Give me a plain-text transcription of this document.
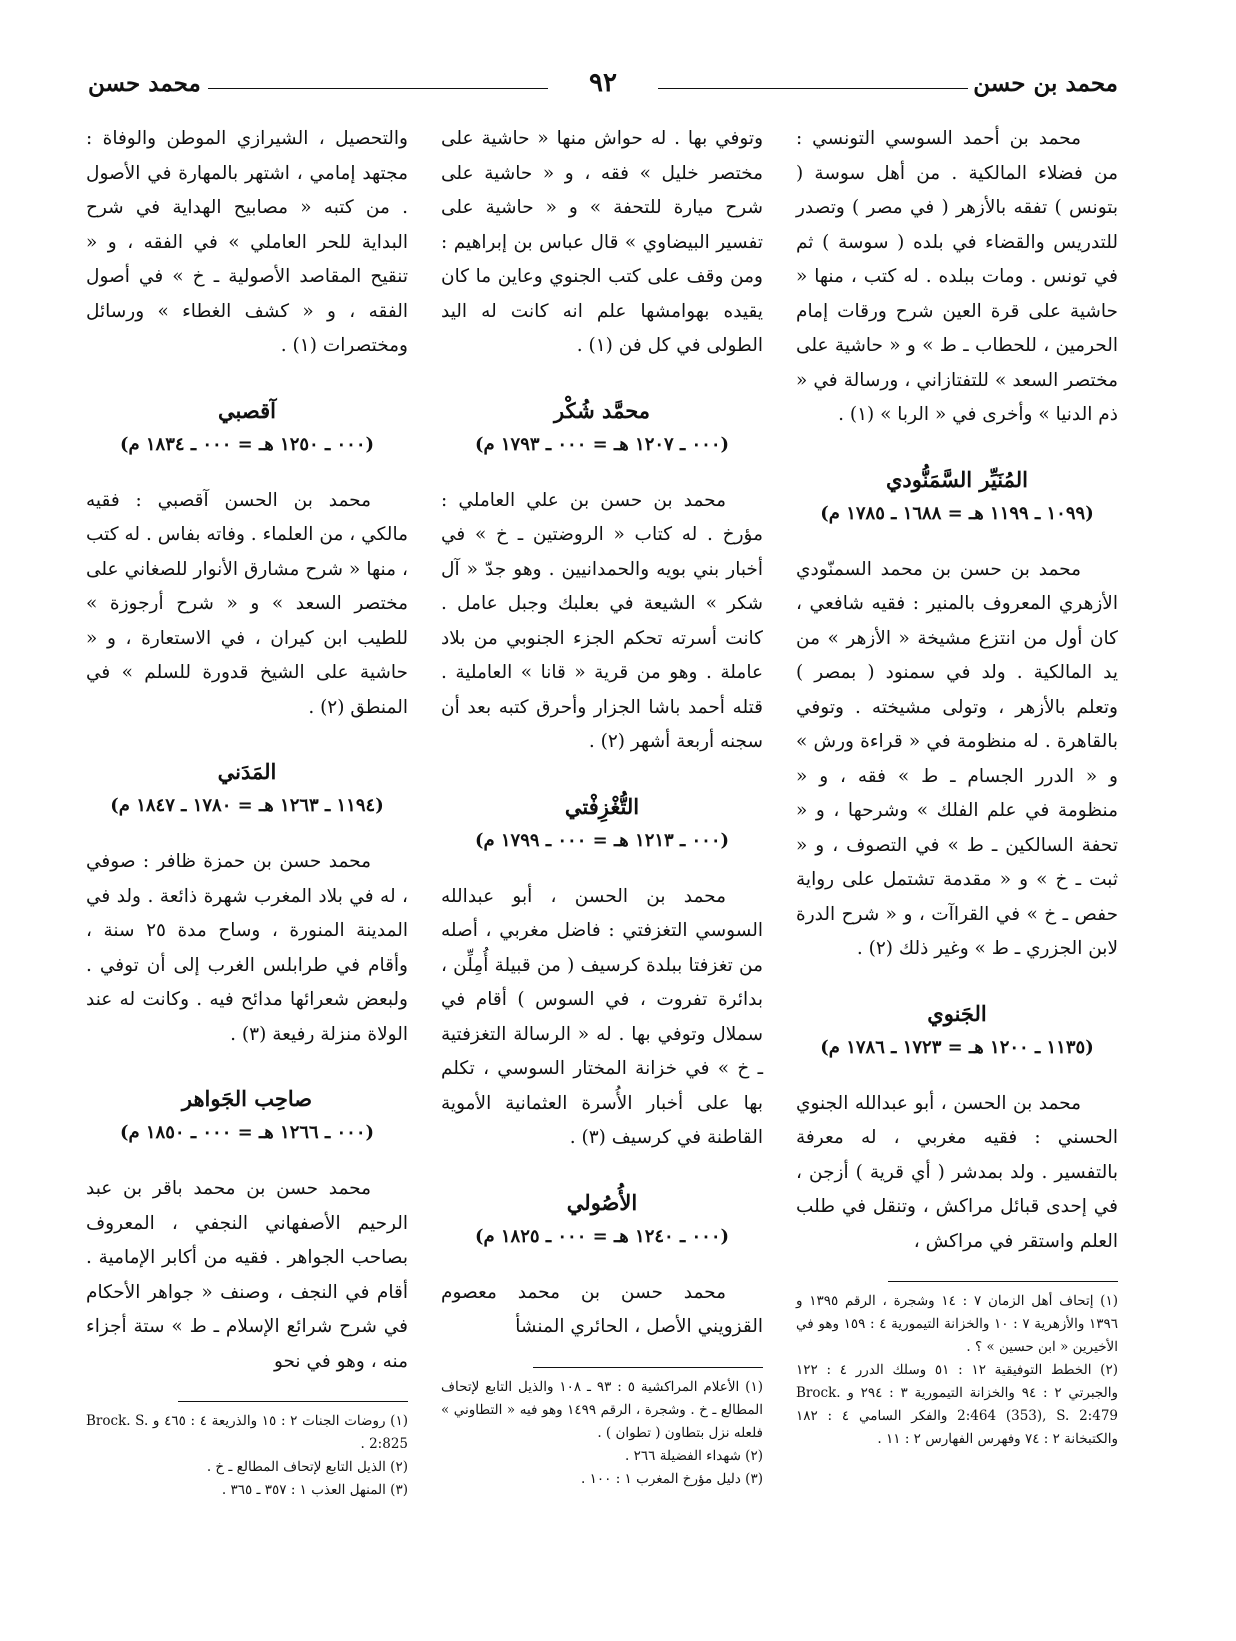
محمد بن حسن
٩٢
محمد حسن

محمد بن أحمد السوسي التونسي : من فضلاء المالكية . من أهل سوسة ( بتونس ) تفقه بالأزهر ( في مصر ) وتصدر للتدريس والقضاء في بلده ( سوسة ) ثم في تونس . ومات ببلده . له كتب ، منها « حاشية على قرة العين شرح ورقات إمام الحرمين ، للحطاب ـ ط » و « حاشية على مختصر السعد » للتفتازاني ، ورسالة في « ذم الدنيا » وأخرى في « الربا » (١) .

المُنَيِّر السَّمَنُّودي
(١٠٩٩ ـ ١١٩٩ هـ = ١٦٨٨ ـ ١٧٨٥ م)

محمد بن حسن بن محمد السمنّودي الأزهري المعروف بالمنير : فقيه شافعي ، كان أول من انتزع مشيخة « الأزهر » من يد المالكية . ولد في سمنود ( بمصر ) وتعلم بالأزهر ، وتولى مشيخته . وتوفي بالقاهرة . له منظومة في « قراءة ورش » و « الدرر الجسام ـ ط » فقه ، و « منظومة في علم الفلك » وشرحها ، و « تحفة السالكين ـ ط » في التصوف ، و « ثبت ـ خ » و « مقدمة تشتمل على رواية حفص ـ خ » في القراآت ، و « شرح الدرة لابن الجزري ـ ط » وغير ذلك (٢) .

الجَنوي
(١١٣٥ ـ ١٢٠٠ هـ = ١٧٢٣ ـ ١٧٨٦ م)

محمد بن الحسن ، أبو عبدالله الجنوي الحسني : فقيه مغربي ، له معرفة بالتفسير . ولد بمدشر ( أي قرية ) أزجن ، في إحدى قبائل مراكش ، وتنقل في طلب العلم واستقر في مراكش ،

(١) إتحاف أهل الزمان ٧ : ١٤ وشجرة ، الرقم ١٣٩٥ و ١٣٩٦ والأزهرية ٧ : ١٠ والخزانة التيمورية ٤ : ١٥٩ وهو في الأخيرين « ابن حسين » ؟ .

(٢) الخطط التوفيقية ١٢ : ٥١ وسلك الدرر ٤ : ١٢٢ والجبرتي ٢ : ٩٤ والخزانة التيمورية ٣ : ٢٩٤ و Brock. 2:464 (353), S. 2:479 والفكر السامي ٤ : ١٨٢ والكتبخانة ٢ : ٧٤ وفهرس الفهارس ٢ : ١١ .

وتوفي بها . له حواش منها « حاشية على مختصر خليل » فقه ، و « حاشية على شرح ميارة للتحفة » و « حاشية على تفسير البيضاوي » قال عباس بن إبراهيم : ومن وقف على كتب الجنوي وعاين ما كان يقيده بهوامشها علم انه كانت له اليد الطولى في كل فن (١) .

محمَّد شُكْر
(٠٠٠ ـ ١٢٠٧ هـ = ٠٠٠ ـ ١٧٩٣ م)

محمد بن حسن بن علي العاملي : مؤرخ . له كتاب « الروضتين ـ خ » في أخبار بني بويه والحمدانيين . وهو جدّ « آل شكر » الشيعة في بعلبك وجبل عامل . كانت أسرته تحكم الجزء الجنوبي من بلاد عاملة . وهو من قرية « قانا » العاملية . قتله أحمد باشا الجزار وأحرق كتبه بعد أن سجنه أربعة أشهر (٢) .

التُّغْزِفْتي
(٠٠٠ ـ ١٢١٣ هـ = ٠٠٠ ـ ١٧٩٩ م)

محمد بن الحسن ، أبو عبدالله السوسي التغزفتي : فاضل مغربي ، أصله من تغزفتا ببلدة كرسيف ( من قبيلة أُمِلِّن ، بدائرة تفروت ، في السوس ) أقام في سملال وتوفي بها . له « الرسالة التغزفتية ـ خ » في خزانة المختار السوسي ، تكلم بها على أخبار الأُسرة العثمانية الأموية القاطنة في كرسيف (٣) .

الأُصُولي
(٠٠٠ ـ ١٢٤٠ هـ = ٠٠٠ ـ ١٨٢٥ م)

محمد حسن بن محمد معصوم القزويني الأصل ، الحائري المنشأ

(١) الأعلام المراكشية ٥ : ٩٣ ـ ١٠٨ والذيل التابع لإتحاف المطالع ـ خ . وشجرة ، الرقم ١٤٩٩ وهو فيه « التطاوني » فلعله نزل بتطاون ( تطوان ) .

(٢) شهداء الفضيلة ٢٦٦ .

(٣) دليل مؤرخ المغرب ١ : ١٠٠ .

والتحصيل ، الشيرازي الموطن والوفاة : مجتهد إمامي ، اشتهر بالمهارة في الأصول . من كتبه « مصابيح الهداية في شرح البداية للحر العاملي » في الفقه ، و « تنقيح المقاصد الأصولية ـ خ » في أصول الفقه ، و « كشف الغطاء » ورسائل ومختصرات (١) .

آقصبي
(٠٠٠ ـ ١٢٥٠ هـ = ٠٠٠ ـ ١٨٣٤ م)

محمد بن الحسن آقصبي : فقيه مالكي ، من العلماء . وفاته بفاس . له كتب ، منها « شرح مشارق الأنوار للصغاني على مختصر السعد » و « شرح أرجوزة » للطيب ابن كيران ، في الاستعارة ، و « حاشية على الشيخ قدورة للسلم » في المنطق (٢) .

المَدَني
(١١٩٤ ـ ١٢٦٣ هـ = ١٧٨٠ ـ ١٨٤٧ م)

محمد حسن بن حمزة ظافر : صوفي ، له في بلاد المغرب شهرة ذائعة . ولد في المدينة المنورة ، وساح مدة ٢٥ سنة ، وأقام في طرابلس الغرب إلى أن توفي . ولبعض شعرائها مدائح فيه . وكانت له عند الولاة منزلة رفيعة (٣) .

صاحِب الجَواهر
(٠٠٠ ـ ١٢٦٦ هـ = ٠٠٠ ـ ١٨٥٠ م)

محمد حسن بن محمد باقر بن عبد الرحيم الأصفهاني النجفي ، المعروف بصاحب الجواهر . فقيه من أكابر الإمامية . أقام في النجف ، وصنف « جواهر الأحكام في شرح شرائع الإسلام ـ ط » ستة أجزاء منه ، وهو في نحو

(١) روضات الجنات ٢ : ١٥ والذريعة ٤ : ٤٦٥ و Brock. S. 2:825 .

(٢) الذيل التابع لإتحاف المطالع ـ خ .

(٣) المنهل العذب ١ : ٣٥٧ ـ ٣٦٥ .
